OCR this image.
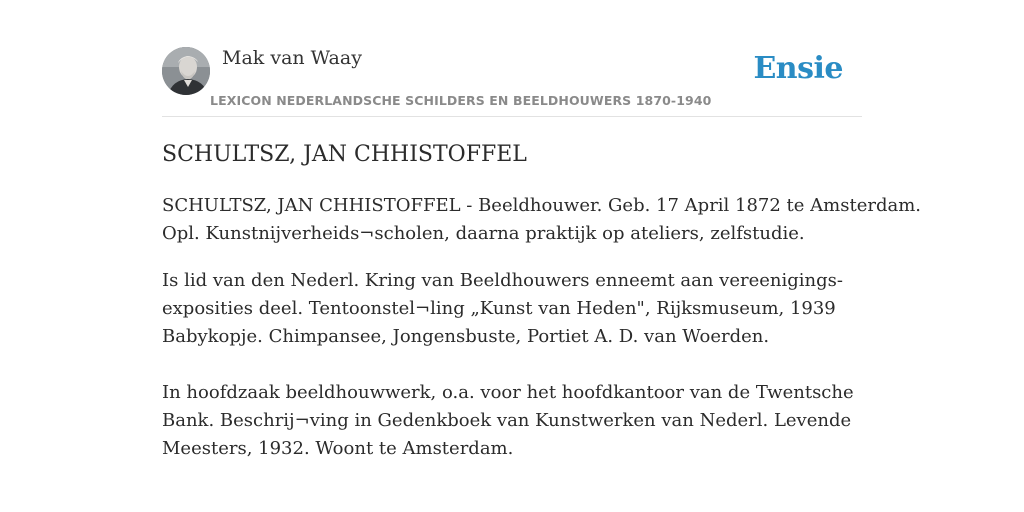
Mak van Waay
LEXICON NEDERLANDSCHE SCHILDERS EN BEELDHOUWERS 1870-1940
Ensie
SCHULTSZ, JAN CHHISTOFFEL

SCHULTSZ, JAN CHHISTOFFEL - Beeldhouwer. Geb. 17 April 1872 te Amsterdam.

Opl. Kunstnijverheids¬scholen, daarna praktijk op ateliers, zelfstudie.

Is lid van den Nederl. Kring van Beeldhouwers enneemt aan vereenigings-

exposities deel. Tentoonstel¬ling „Kunst van Heden", Rijksmuseum, 1939

Babykopje. Chimpansee, Jongensbuste, Portiet A. D. van Woerden.

In hoofdzaak beeldhouwwerk, o.a. voor het hoofdkantoor van de Twentsche

Bank. Beschrij¬ving in Gedenkboek van Kunstwerken van Nederl. Levende

Meesters, 1932. Woont te Amsterdam.
